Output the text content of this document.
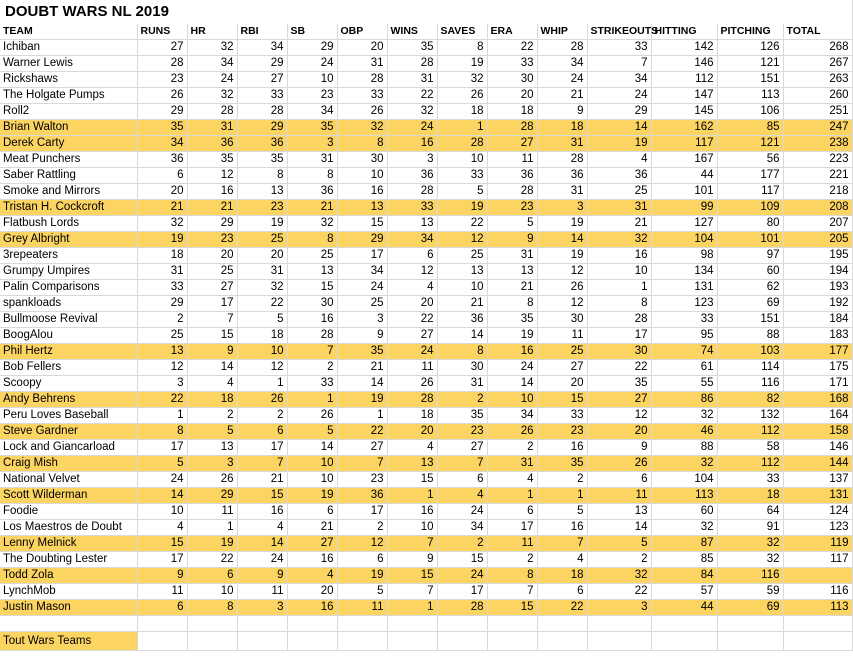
DOUBT WARS NL 2019													
TEAM	RUNS	HR	RBI	SB	OBP	WINS	SAVES	ERA	WHIP	STRIKEOUTS	HITTING	PITCHING	TOTAL
Ichiban	27	32	34	29	20	35	8	22	28	33	142	126	268
Warner Lewis	28	34	29	24	31	28	19	33	34	7	146	121	267
Rickshaws	23	24	27	10	28	31	32	30	24	34	112	151	263
The Holgate Pumps	26	32	33	23	33	22	26	20	21	24	147	113	260
Roll2	29	28	28	34	26	32	18	18	9	29	145	106	251
Brian Walton	35	31	29	35	32	24	1	28	18	14	162	85	247
Derek Carty	34	36	36	3	8	16	28	27	31	19	117	121	238
Meat Punchers	36	35	35	31	30	3	10	11	28	4	167	56	223
Saber Rattling	6	12	8	8	10	36	33	36	36	36	44	177	221
Smoke and Mirrors	20	16	13	36	16	28	5	28	31	25	101	117	218
Tristan H. Cockcroft	21	21	23	21	13	33	19	23	3	31	99	109	208
Flatbush Lords	32	29	19	32	15	13	22	5	19	21	127	80	207
Grey Albright	19	23	25	8	29	34	12	9	14	32	104	101	205
3repeaters	18	20	20	25	17	6	25	31	19	16	98	97	195
Grumpy Umpires	31	25	31	13	34	12	13	13	12	10	134	60	194
Palin Comparisons	33	27	32	15	24	4	10	21	26	1	131	62	193
spankloads	29	17	22	30	25	20	21	8	12	8	123	69	192
Bullmoose Revival	2	7	5	16	3	22	36	35	30	28	33	151	184
BoogAlou	25	15	18	28	9	27	14	19	11	17	95	88	183
Phil Hertz	13	9	10	7	35	24	8	16	25	30	74	103	177
Bob Fellers	12	14	12	2	21	11	30	24	27	22	61	114	175
Scoopy	3	4	1	33	14	26	31	14	20	35	55	116	171
Andy Behrens	22	18	26	1	19	28	2	10	15	27	86	82	168
Peru Loves Baseball	1	2	2	26	1	18	35	34	33	12	32	132	164
Steve Gardner	8	5	6	5	22	20	23	26	23	20	46	112	158
Lock and Giancarload	17	13	17	14	27	4	27	2	16	9	88	58	146
Craig Mish	5	3	7	10	7	13	7	31	35	26	32	112	144
National Velvet	24	26	21	10	23	15	6	4	2	6	104	33	137
Scott Wilderman	14	29	15	19	36	1	4	1	1	11	113	18	131
Foodie	10	11	16	6	17	16	24	6	5	13	60	64	124
Los Maestros de Doubt	4	1	4	21	2	10	34	17	16	14	32	91	123
Lenny Melnick	15	19	14	27	12	7	2	11	7	5	87	32	119
The Doubting Lester	17	22	24	16	6	9	15	2	4	2	85	32	117
Todd Zola	9	6	9	4	19	15	24	8	18	32	84	116	
LynchMob	11	10	11	20	5	7	17	7	6	22	57	59	116
Justin Mason	6	8	3	16	11	1	28	15	22	3	44	69	113

Tout Wars Teams													
